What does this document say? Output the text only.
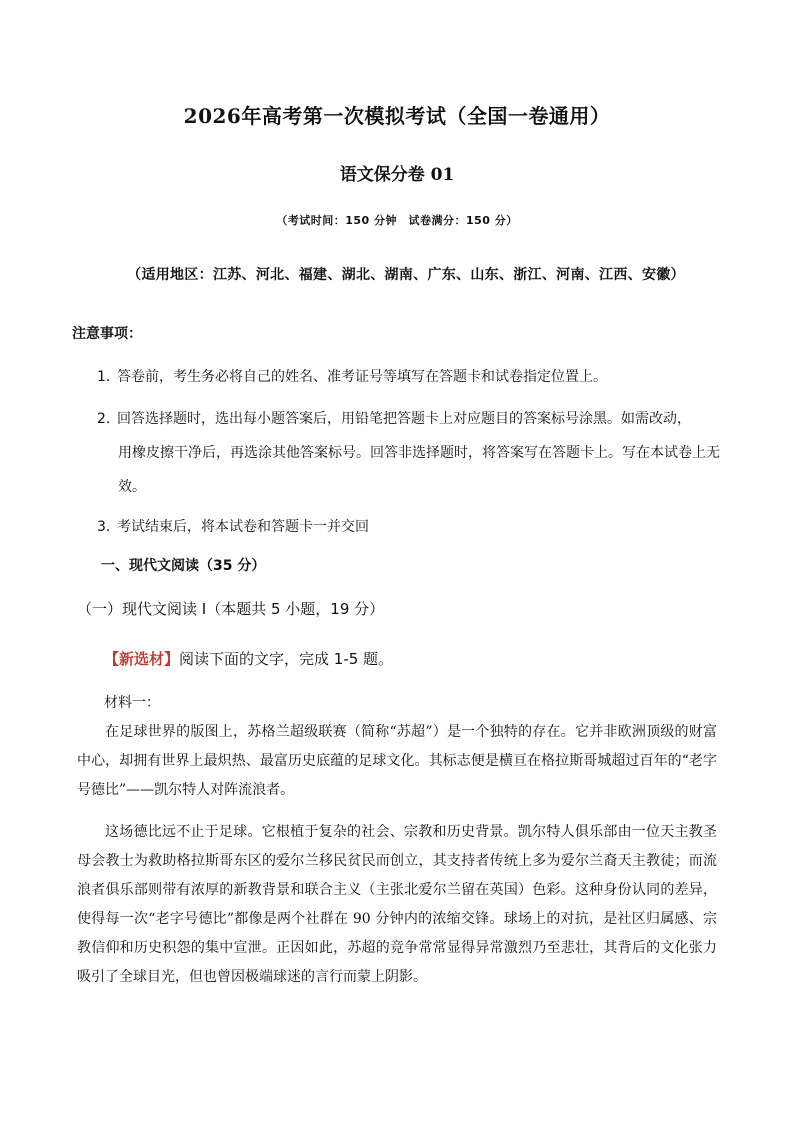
2026年高考第一次模拟考试（全国一卷通用）
语文保分卷 01
（考试时间：150 分钟　试卷满分：150 分）
（适用地区：江苏、河北、福建、湖北、湖南、广东、山东、浙江、河南、江西、安徽）
注意事项：
1．答卷前，考生务必将自己的姓名、准考证号等填写在答题卡和试卷指定位置上。
2．回答选择题时，选出每小题答案后，用铅笔把答题卡上对应题目的答案标号涂黑。如需改动，
用橡皮擦干净后，再选涂其他答案标号。回答非选择题时，将答案写在答题卡上。写在本试卷上无效。
3．考试结束后，将本试卷和答题卡一并交回
一、现代文阅读（35 分）
（一）现代文阅读 I（本题共 5 小题，19 分）
【新选材】阅读下面的文字，完成 1-5 题。
材料一：
在足球世界的版图上，苏格兰超级联赛（简称“苏超”）是一个独特的存在。它并非欧洲顶级的财富中心，却拥有世界上最炽热、最富历史底蕴的足球文化。其标志便是横亘在格拉斯哥城超过百年的“老字号德比”——凯尔特人对阵流浪者。
这场德比远不止于足球。它根植于复杂的社会、宗教和历史背景。凯尔特人俱乐部由一位天主教圣母会教士为救助格拉斯哥东区的爱尔兰移民贫民而创立，其支持者传统上多为爱尔兰裔天主教徒；而流浪者俱乐部则带有浓厚的新教背景和联合主义（主张北爱尔兰留在英国）色彩。这种身份认同的差异，使得每一次“老字号德比”都像是两个社群在 90 分钟内的浓缩交锋。球场上的对抗，是社区归属感、宗教信仰和历史积怨的集中宣泄。正因如此，苏超的竞争常常显得异常激烈乃至悲壮，其背后的文化张力吸引了全球目光，但也曾因极端球迷的言行而蒙上阴影。
